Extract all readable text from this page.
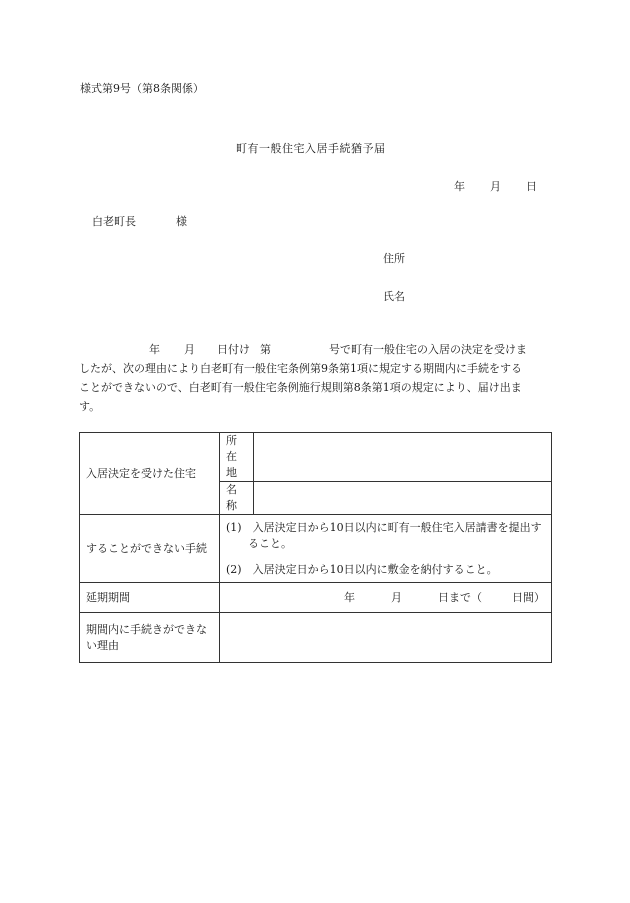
様式第9号（第8条関係）
町有一般住宅入居手続猶予届
年 月 日
白老町長	様
住所
氏名
年 月 日付け 第	号で町有一般住宅の入居の決定を受けま
したが、次の理由により白老町有一般住宅条例第9条第1項に規定する期間内に手続をする
ことができないので、白老町有一般住宅条例施行規則第8条第1項の規定により、届け出ま
す。
入居決定を受けた住宅	所在地	
	名　称	
することができない手続	(1)　入居決定日から10日以内に町有一般住宅入居請書を提出すること。
(2)　入居決定日から10日以内に敷金を納付すること。	

延期期間	年 月 日まで（ 日間）	
期間内に手続きができない理由		
